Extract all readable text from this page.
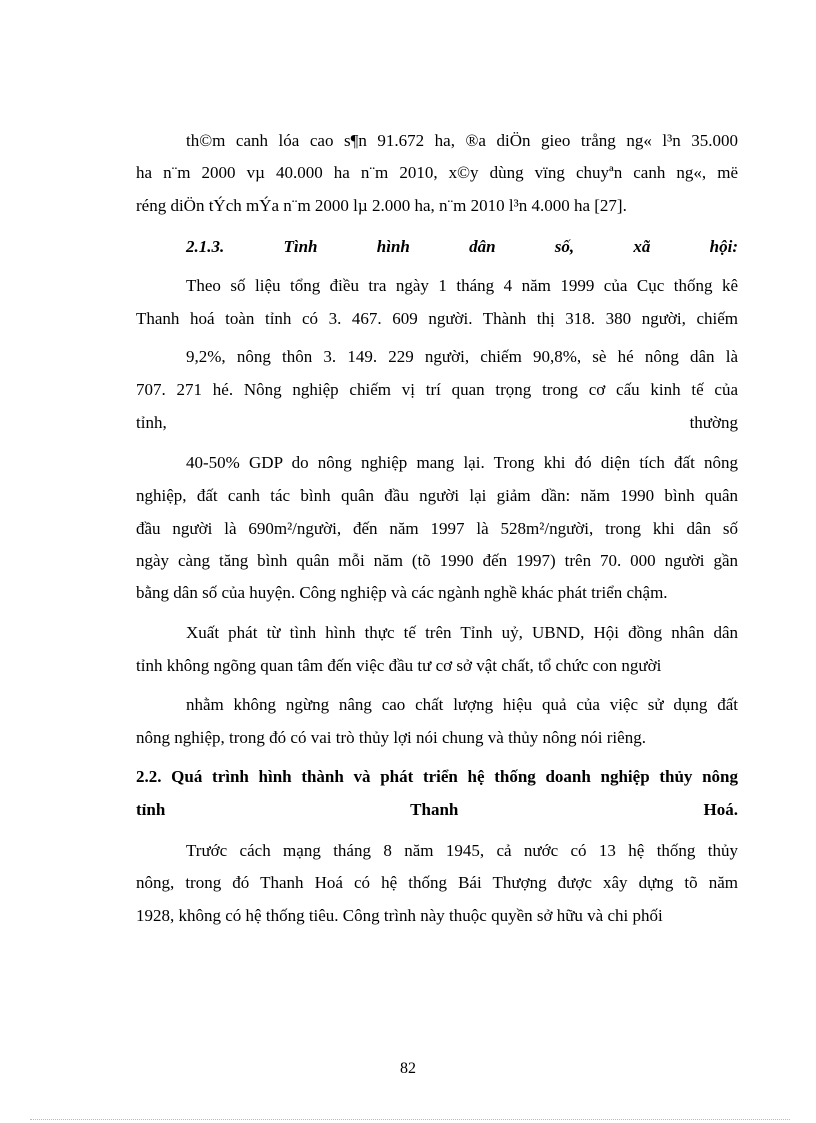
th©m canh lóa cao s¶n 91.672 ha, ®a diÖn gieo trång ng« l³n 35.000
ha n¨m 2000 vµ 40.000 ha n¨m 2010, x©y dùng vïng chuyªn canh ng«, më
réng diÖn tÝch mÝa n¨m 2000 lµ 2.000 ha, n¨m 2010 l³n 4.000 ha [27].
2.1.3. Tình hình dân số, xã hội:
Theo số liệu tổng điều tra ngày 1 tháng 4 năm 1999 của Cục thống kê
Thanh hoá toàn tỉnh có 3. 467. 609 người. Thành thị 318. 380 người, chiếm
9,2%, nông thôn 3. 149. 229 người, chiếm 90,8%, sè hé nông dân là
707. 271 hé. Nông nghiệp chiếm vị trí quan trọng trong cơ cấu kinh tế của
tỉnh, thường
40-50% GDP do nông nghiệp mang lại. Trong khi đó diện tích đất nông
nghiệp, đất canh tác bình quân đầu người lại giảm dần: năm 1990 bình quân
đầu người là 690m²/người, đến năm 1997 là 528m²/người, trong khi dân số
ngày càng tăng bình quân mỗi năm (tõ 1990 đến 1997) trên 70. 000 người gần
bằng dân số của huyện. Công nghiệp và các ngành nghề khác phát triển chậm.
Xuất phát từ tình hình thực tế trên Tỉnh uỷ, UBND, Hội đồng nhân dân
tỉnh không ngõng quan tâm đến việc đầu tư cơ sở vật chất, tổ chức con người
nhằm không ngừng nâng cao chất lượng hiệu quả của việc sử dụng đất
nông nghiệp, trong đó có vai trò thủy lợi nói chung và thủy nông nói riêng.
2.2. Quá trình hình thành và phát triển hệ thống doanh nghiệp thủy nông
tỉnh Thanh Hoá.
Trước cách mạng tháng 8 năm 1945, cả nước có 13 hệ thống thủy
nông, trong đó Thanh Hoá có hệ thống Bái Thượng được xây dựng tõ năm
1928, không có hệ thống tiêu. Công trình này thuộc quyền sở hữu và chi phối
82
